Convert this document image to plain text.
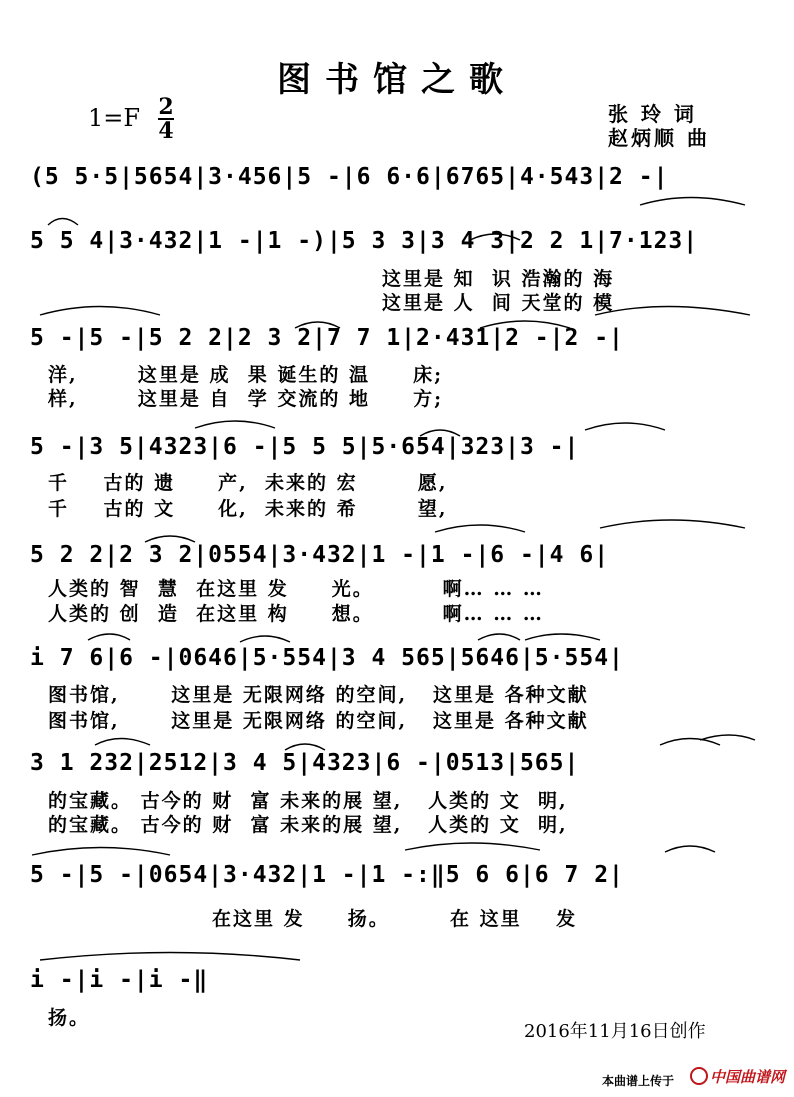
图书馆之歌
1=F 2
4
张 玲 词
赵炳顺 曲
(5 5·5|5654|3·456|5 -|6 6·6|6765|4·543|2 -|
5 5 4|3·432|1 -|1 -)|5 3 3|3 4 3|2 2 1|7·123|
这里是 知  识 浩瀚的 海
这里是 人  间 天堂的 模
5 -|5 -|5 2 2|2 3 2|7 7 1|2·431|2 -|2 -|
洋,       这里是 成  果 诞生的 温     床;
样,       这里是 自  学 交流的 地     方;
5 -|3 5|4323|6 -|5 5 5|5·654|323|3 -|
千    古的 遗     产,  未来的 宏       愿,
千    古的 文     化,  未来的 希       望,
5 2 2|2 3 2|0554|3·432|1 -|1 -|6 -|4 6|
人类的 智  慧  在这里 发     光。        啊… … …
人类的 创  造  在这里 构     想。        啊… … …
i 7 6|6 -|0646|5·554|3 4 565|5646|5·554|
图书馆,      这里是 无限网络 的空间,   这里是 各种文献
图书馆,      这里是 无限网络 的空间,   这里是 各种文献
3 1 232|2512|3 4 5|4323|6 -|0513|565|
的宝藏。 古今的 财  富 未来的展 望,   人类的 文  明,
的宝藏。 古今的 财  富 未来的展 望,   人类的 文  明,
5 -|5 -|0654|3·432|1 -|1 -:‖5 6 6|6 7 2|
在这里 发     扬。       在 这里    发
i -|i -|i -‖
扬。
2016年11月16日创作
本曲谱上传于	中国曲谱网
